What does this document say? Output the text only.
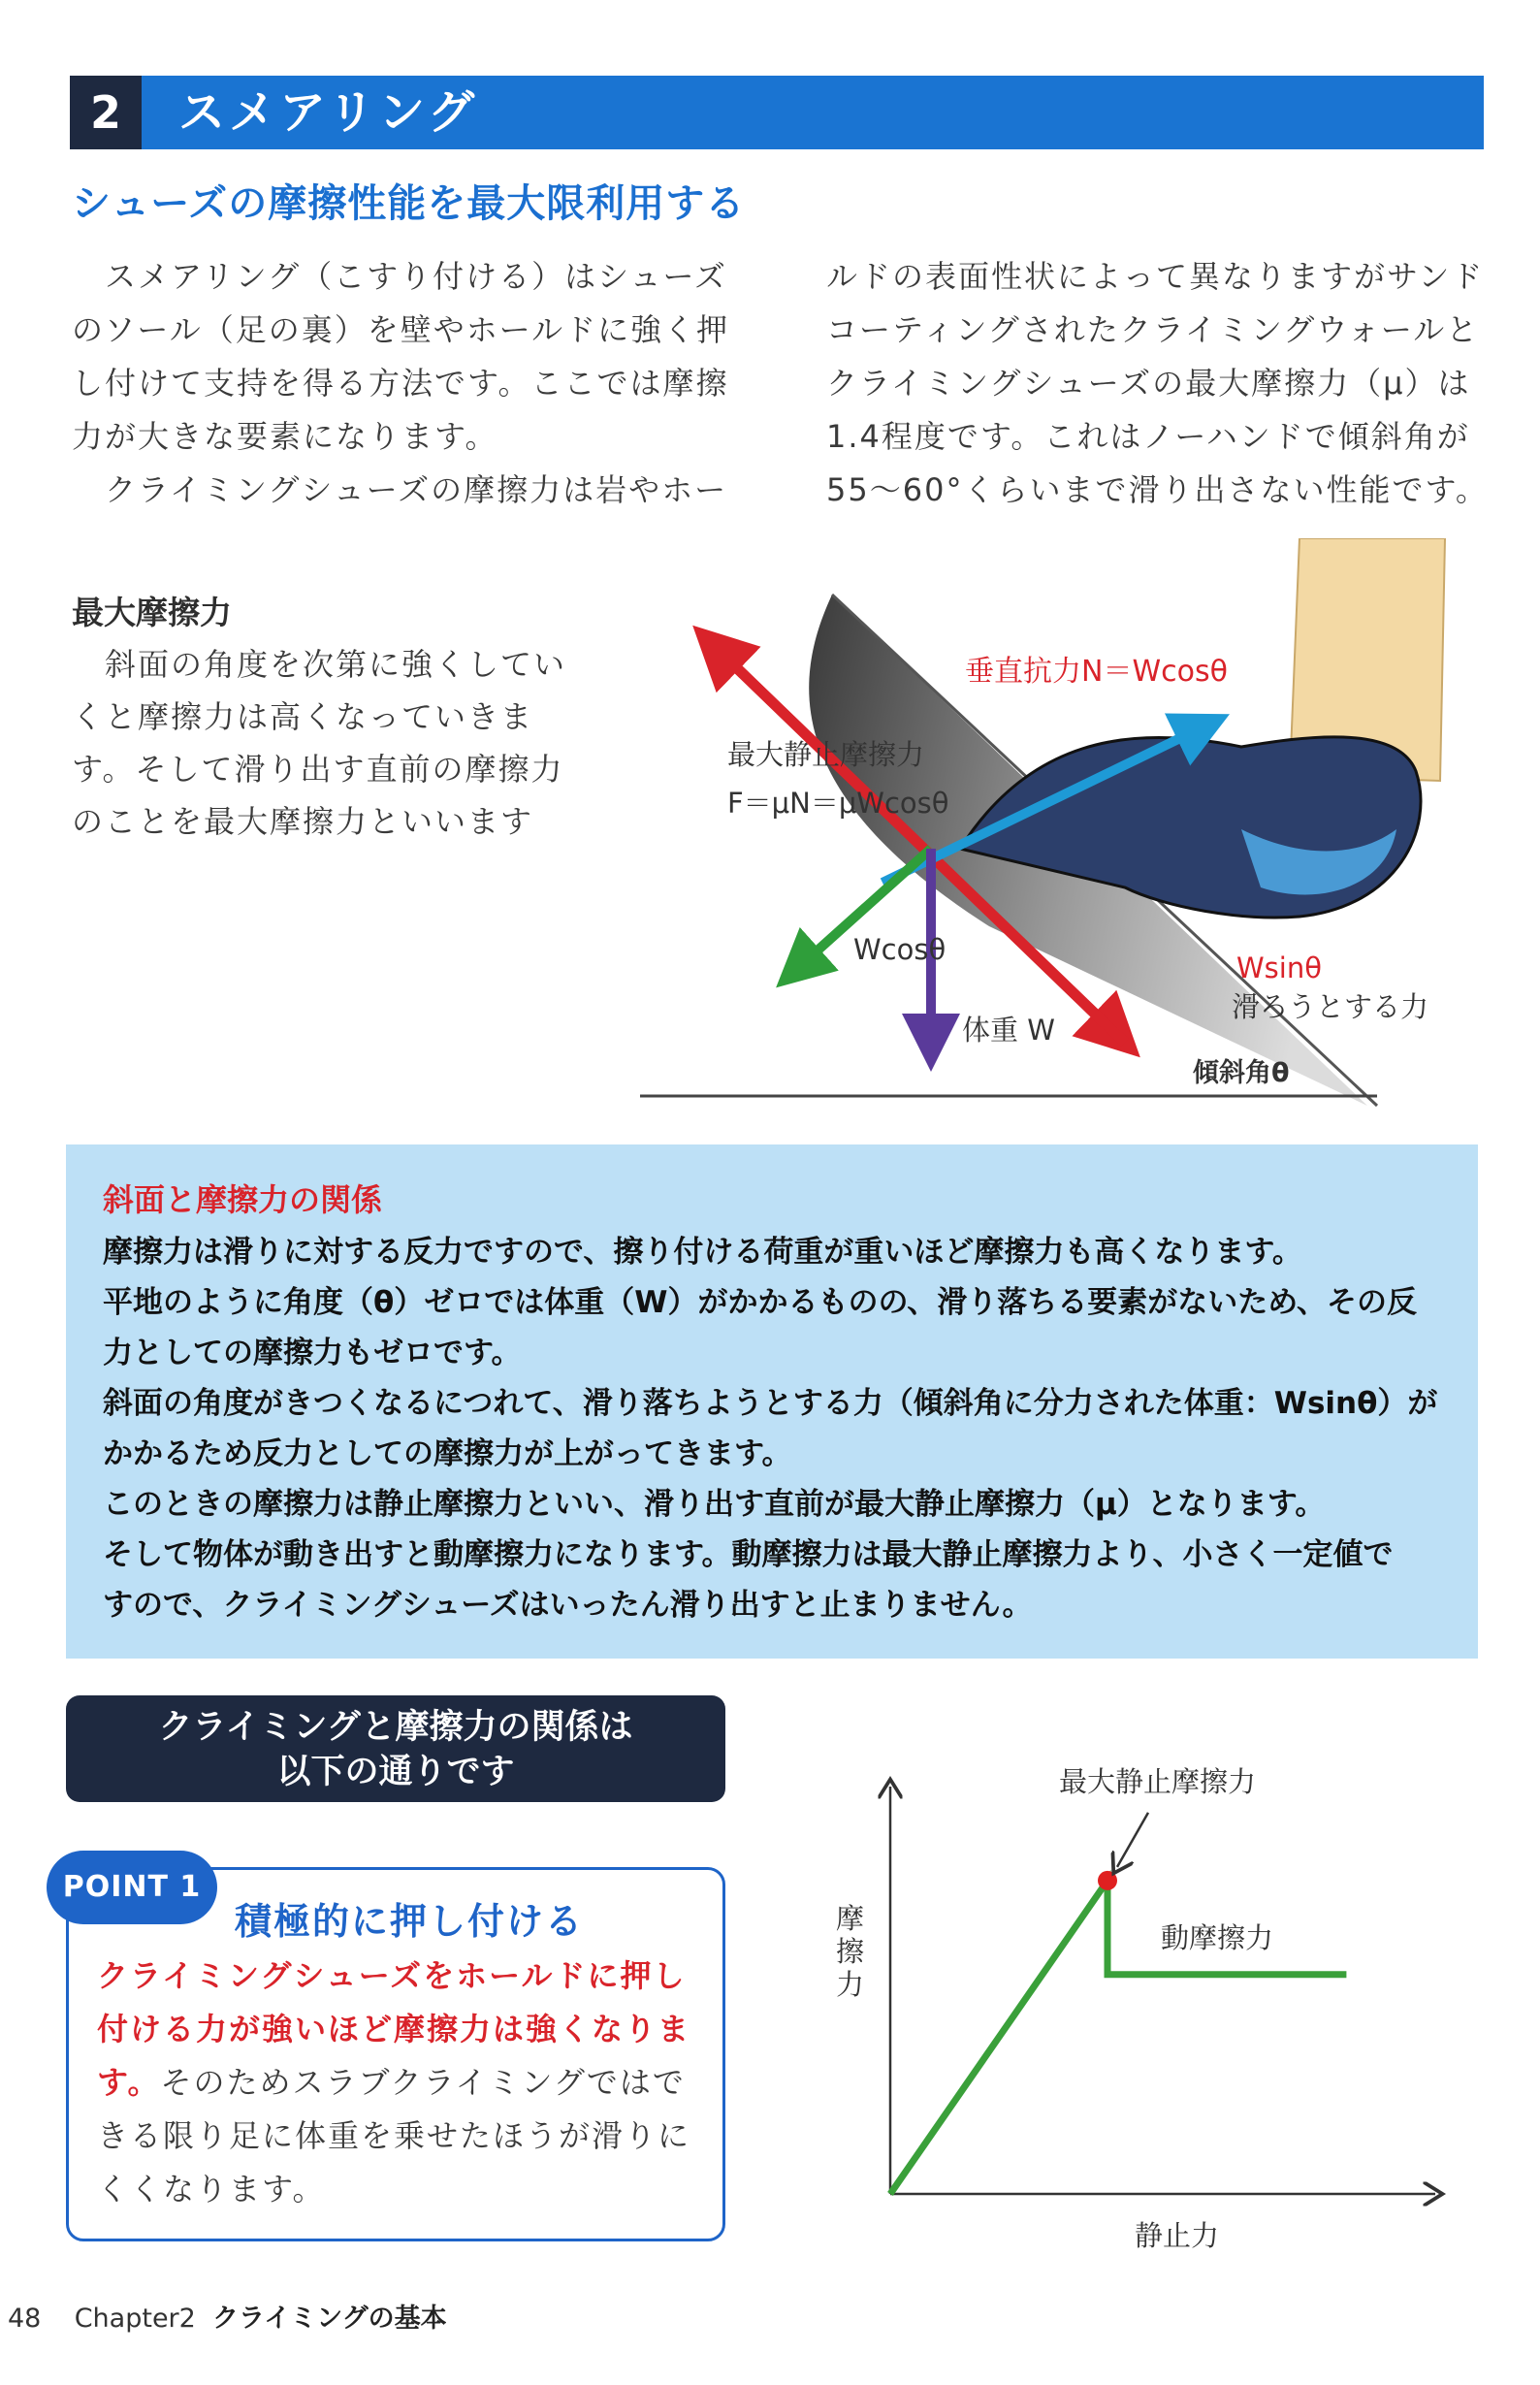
2	スメアリング
シューズの摩擦性能を最大限利用する

　スメアリング（こすり付ける）はシューズ

のソール（足の裏）を壁やホールドに強く押

し付けて支持を得る方法です。ここでは摩擦

力が大きな要素になります。

　クライミングシューズの摩擦力は岩やホー

ルドの表面性状によって異なりますがサンド

コーティングされたクライミングウォールと

クライミングシューズの最大摩擦力（μ）は

1.4程度です。これはノーハンドで傾斜角が

55～60°くらいまで滑り出さない性能です。

最大摩擦力

　斜面の角度を次第に強くしてい

くと摩擦力は高くなっていきま

す。そして滑り出す直前の摩擦力

のことを最大摩擦力といいます

垂直抗力N＝Wcosθ
最大静止摩擦力
F＝μN＝μWcosθ
Wcosθ
Wsinθ
滑ろうとする力
体重 W
傾斜角θ
斜面と摩擦力の関係

摩擦力は滑りに対する反力ですので、擦り付ける荷重が重いほど摩擦力も高くなります。

平地のように角度（θ）ゼロでは体重（W）がかかるものの、滑り落ちる要素がないため、その反

力としての摩擦力もゼロです。

斜面の角度がきつくなるにつれて、滑り落ちようとする力（傾斜角に分力された体重：Wsinθ）が

かかるため反力としての摩擦力が上がってきます。

このときの摩擦力は静止摩擦力といい、滑り出す直前が最大静止摩擦力（μ）となります。

そして物体が動き出すと動摩擦力になります。動摩擦力は最大静止摩擦力より、小さく一定値で

すので、クライミングシューズはいったん滑り出すと止まりません。

クライミングと摩擦力の関係は
以下の通りです
POINT 1
積極的に押し付ける

クライミングシューズをホールドに押し

付ける力が強いほど摩擦力は強くなりま

す。そのためスラブクライミングではで

きる限り足に体重を乗せたほうが滑りに

くくなります。

最大静止摩擦力
動摩擦力
静止力
摩
擦
力
48 Chapter2 クライミングの基本
